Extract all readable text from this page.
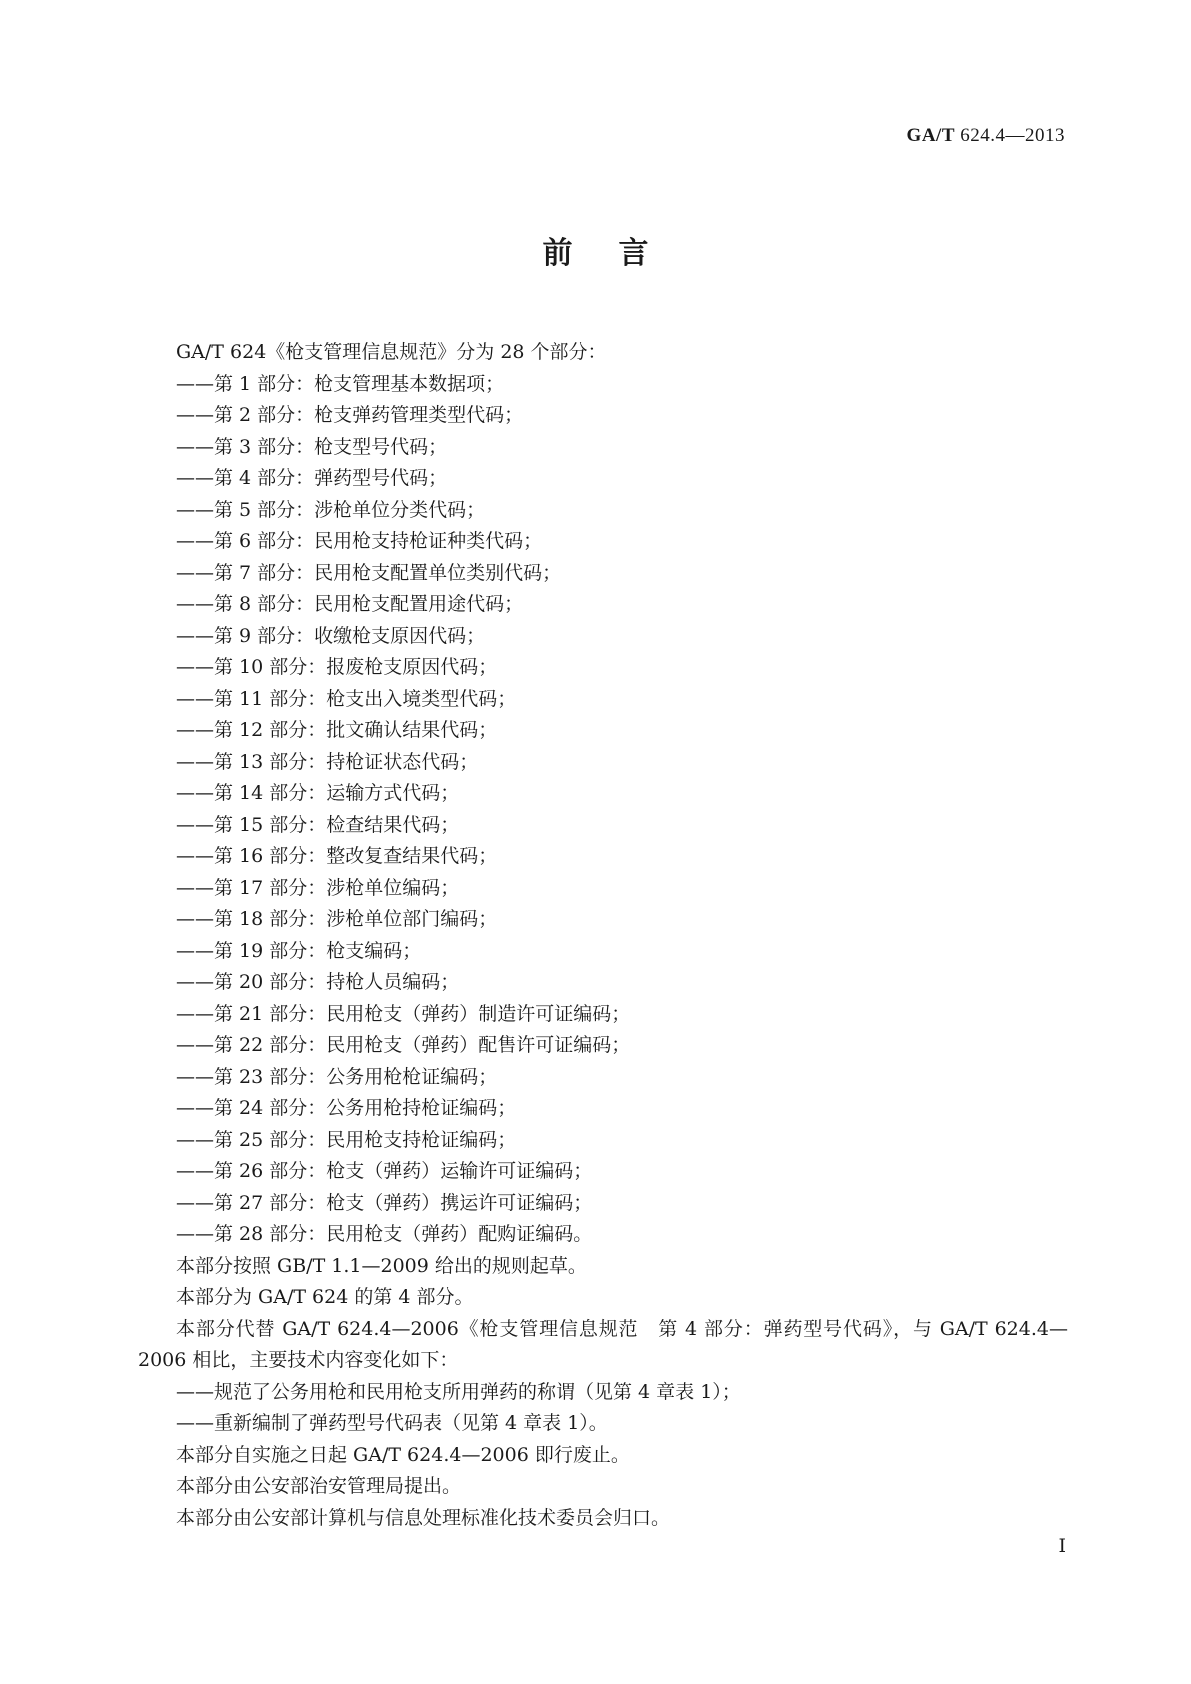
GA/T 624.4—2013
前言
GA/T 624《枪支管理信息规范》分为 28 个部分：
——第 1 部分：枪支管理基本数据项；
——第 2 部分：枪支弹药管理类型代码；
——第 3 部分：枪支型号代码；
——第 4 部分：弹药型号代码；
——第 5 部分：涉枪单位分类代码；
——第 6 部分：民用枪支持枪证种类代码；
——第 7 部分：民用枪支配置单位类别代码；
——第 8 部分：民用枪支配置用途代码；
——第 9 部分：收缴枪支原因代码；
——第 10 部分：报废枪支原因代码；
——第 11 部分：枪支出入境类型代码；
——第 12 部分：批文确认结果代码；
——第 13 部分：持枪证状态代码；
——第 14 部分：运输方式代码；
——第 15 部分：检查结果代码；
——第 16 部分：整改复查结果代码；
——第 17 部分：涉枪单位编码；
——第 18 部分：涉枪单位部门编码；
——第 19 部分：枪支编码；
——第 20 部分：持枪人员编码；
——第 21 部分：民用枪支（弹药）制造许可证编码；
——第 22 部分：民用枪支（弹药）配售许可证编码；
——第 23 部分：公务用枪枪证编码；
——第 24 部分：公务用枪持枪证编码；
——第 25 部分：民用枪支持枪证编码；
——第 26 部分：枪支（弹药）运输许可证编码；
——第 27 部分：枪支（弹药）携运许可证编码；
——第 28 部分：民用枪支（弹药）配购证编码。
本部分按照 GB/T 1.1—2009 给出的规则起草。
本部分为 GA/T 624 的第 4 部分。
本部分代替 GA/T 624.4—2006《枪支管理信息规范　第 4 部分：弹药型号代码》，与 GA/T 624.4—2006 相比，主要技术内容变化如下：
——规范了公务用枪和民用枪支所用弹药的称谓（见第 4 章表 1）；
——重新编制了弹药型号代码表（见第 4 章表 1）。
本部分自实施之日起 GA/T 624.4—2006 即行废止。
本部分由公安部治安管理局提出。
本部分由公安部计算机与信息处理标准化技术委员会归口。
I
